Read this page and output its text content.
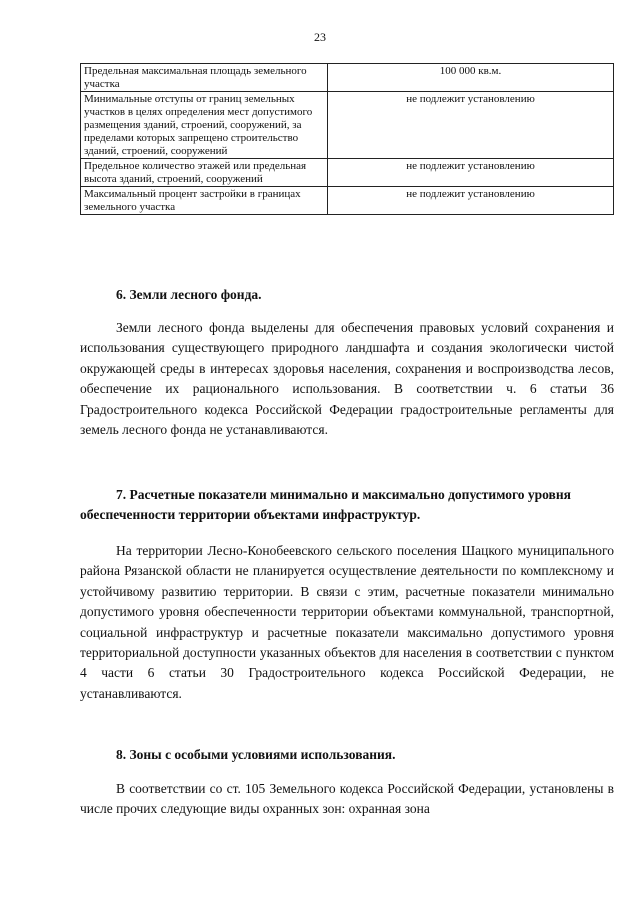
23
Предельная максимальная площадь земельного участка	100 000 кв.м.
Минимальные отступы от границ земельных участков в целях определения мест допустимого размещения зданий, строений, сооружений, за пределами которых запрещено строительство зданий, строений, сооружений	не подлежит установлению
Предельное количество этажей или предельная высота зданий, строений, сооружений	не подлежит установлению
Максимальный процент застройки в границах земельного участка	не подлежит установлению
6. Земли лесного фонда.

Земли лесного фонда выделены для обеспечения правовых условий сохранения и использования существующего природного ландшафта и создания экологически чистой окружающей среды в интересах здоровья населения, сохранения и воспроизводства лесов, обеспечение их рационального использования. В соответствии ч. 6 статьи 36 Градостроительного кодекса Российской Федерации градостроительные регламенты для земель лесного фонда не устанавливаются.

7. Расчетные показатели минимально и максимально допустимого уровня обеспеченности территории объектами инфраструктур.

На территории Лесно-Конобеевского сельского поселения Шацкого муниципального района Рязанской области не планируется осуществление деятельности по комплексному и устойчивому развитию территории. В связи с этим, расчетные показатели минимально допустимого уровня обеспеченности территории объектами коммунальной, транспортной, социальной инфраструктур и расчетные показатели максимально допустимого уровня территориальной доступности указанных объектов для населения в соответствии с пунктом 4 части 6 статьи 30 Градостроительного кодекса Российской Федерации, не устанавливаются.

8. Зоны с особыми условиями использования.

В соответствии со ст. 105 Земельного кодекса Российской Федерации, установлены в числе прочих следующие виды охранных зон: охранная зона
